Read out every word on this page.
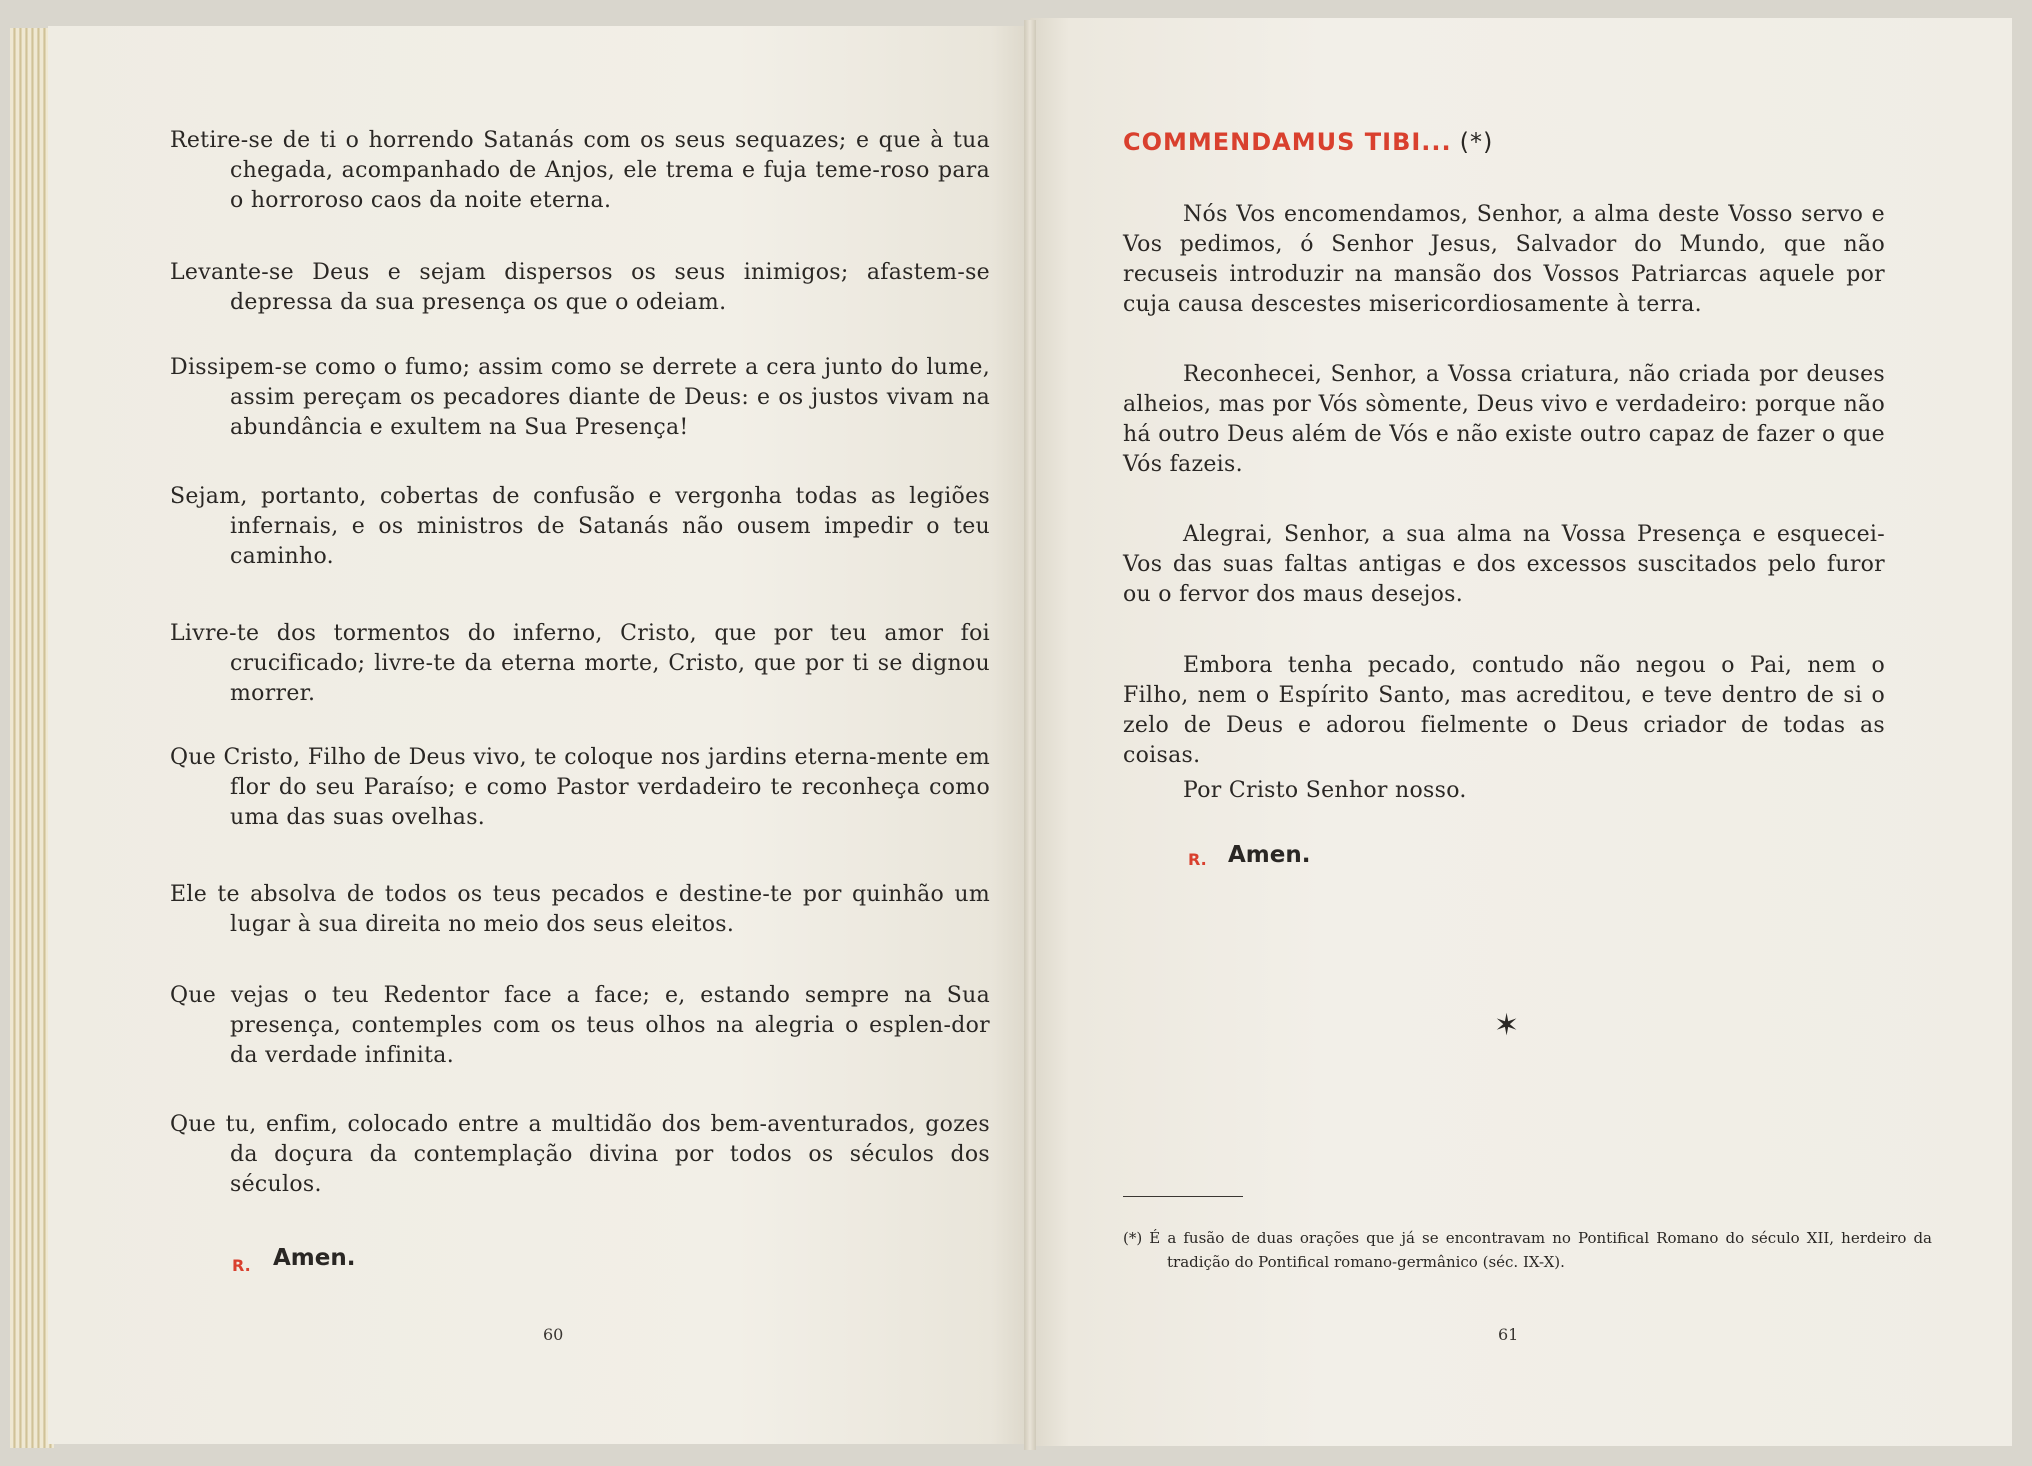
Retire-se de ti o horrendo Satanás com os seus sequazes; e que à tua chegada, acompanhado de Anjos, ele trema e fuja teme-roso para o horroroso caos da noite eterna.
Levante-se Deus e sejam dispersos os seus inimigos; afastem-se depressa da sua presença os que o odeiam.
Dissipem-se como o fumo; assim como se derrete a cera junto do lume, assim pereçam os pecadores diante de Deus: e os justos vivam na abundância e exultem na Sua Presença!
Sejam, portanto, cobertas de confusão e vergonha todas as legiões infernais, e os ministros de Satanás não ousem impedir o teu caminho.
Livre-te dos tormentos do inferno, Cristo, que por teu amor foi crucificado; livre-te da eterna morte, Cristo, que por ti se dignou morrer.
Que Cristo, Filho de Deus vivo, te coloque nos jardins eterna-mente em flor do seu Paraíso; e como Pastor verdadeiro te reconheça como uma das suas ovelhas.
Ele te absolva de todos os teus pecados e destine-te por quinhão um lugar à sua direita no meio dos seus eleitos.
Que vejas o teu Redentor face a face; e, estando sempre na Sua presença, contemples com os teus olhos na alegria o esplen-dor da verdade infinita.
Que tu, enfim, colocado entre a multidão dos bem-aventurados, gozes da doçura da contemplação divina por todos os séculos dos séculos.
R. Amen.
60
COMMENDAMUS TIBI... (*)
Nós Vos encomendamos, Senhor, a alma deste Vosso servo e Vos pedimos, ó Senhor Jesus, Salvador do Mundo, que não recuseis introduzir na mansão dos Vossos Patriarcas aquele por cuja causa descestes misericordiosamente à terra.
Reconhecei, Senhor, a Vossa criatura, não criada por deuses alheios, mas por Vós sòmente, Deus vivo e verdadeiro: porque não há outro Deus além de Vós e não existe outro capaz de fazer o que Vós fazeis.
Alegrai, Senhor, a sua alma na Vossa Presença e esquecei-Vos das suas faltas antigas e dos excessos suscitados pelo furor ou o fervor dos maus desejos.
Embora tenha pecado, contudo não negou o Pai, nem o Filho, nem o Espírito Santo, mas acreditou, e teve dentro de si o zelo de Deus e adorou fielmente o Deus criador de todas as coisas.
Por Cristo Senhor nosso.
R. Amen.
✶
(*) É a fusão de duas orações que já se encontravam no Pontifical Romano do século XII, herdeiro da tradição do Pontifical romano-germânico (séc. IX-X).
61
